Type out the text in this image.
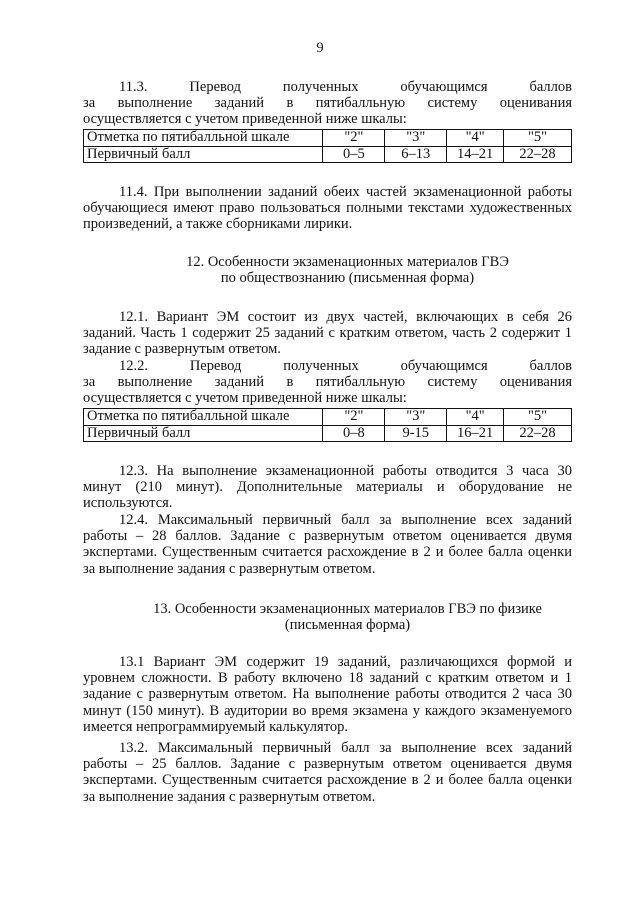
9

11.3. Перевод полученных обучающимся баллов

за выполнение заданий в пятибалльную систему оценивания

осуществляется с учетом приведенной ниже шкалы:

Отметка по пятибалльной шкале	"2"	"3"	"4"	"5"
Первичный балл	0–5	6–13	14–21	22–28

11.4. При выполнении заданий обеих частей экзаменационной работы обучающиеся имеют право пользоваться полными текстами художественных произведений, а также сборниками лирики.

12. Особенности экзаменационных материалов ГВЭ

по обществознанию (письменная форма)

12.1. Вариант ЭМ состоит из двух частей, включающих в себя 26 заданий. Часть 1 содержит 25 заданий с кратким ответом, часть 2 содержит 1 задание с развернутым ответом.

12.2. Перевод полученных обучающимся баллов

за выполнение заданий в пятибалльную систему оценивания

осуществляется с учетом приведенной ниже шкалы:

Отметка по пятибалльной шкале	"2"	"3"	"4"	"5"
Первичный балл	0–8	9-15	16–21	22–28

12.3. На выполнение экзаменационной работы отводится 3 часа 30 минут (210 минут). Дополнительные материалы и оборудование не используются.

12.4. Максимальный первичный балл за выполнение всех заданий работы – 28 баллов. Задание с развернутым ответом оценивается двумя экспертами. Существенным считается расхождение в 2 и более балла оценки за выполнение задания с развернутым ответом.

13. Особенности экзаменационных материалов ГВЭ по физике

(письменная форма)

13.1 Вариант ЭМ содержит 19 заданий, различающихся формой и уровнем сложности. В работу включено 18 заданий с кратким ответом и 1 задание с развернутым ответом. На выполнение работы отводится 2 часа 30 минут (150 минут). В аудитории во время экзамена у каждого экзаменуемого имеется непрограммируемый калькулятор.

13.2. Максимальный первичный балл за выполнение всех заданий работы – 25 баллов. Задание с развернутым ответом оценивается двумя экспертами. Существенным считается расхождение в 2 и более балла оценки за выполнение задания с развернутым ответом.
